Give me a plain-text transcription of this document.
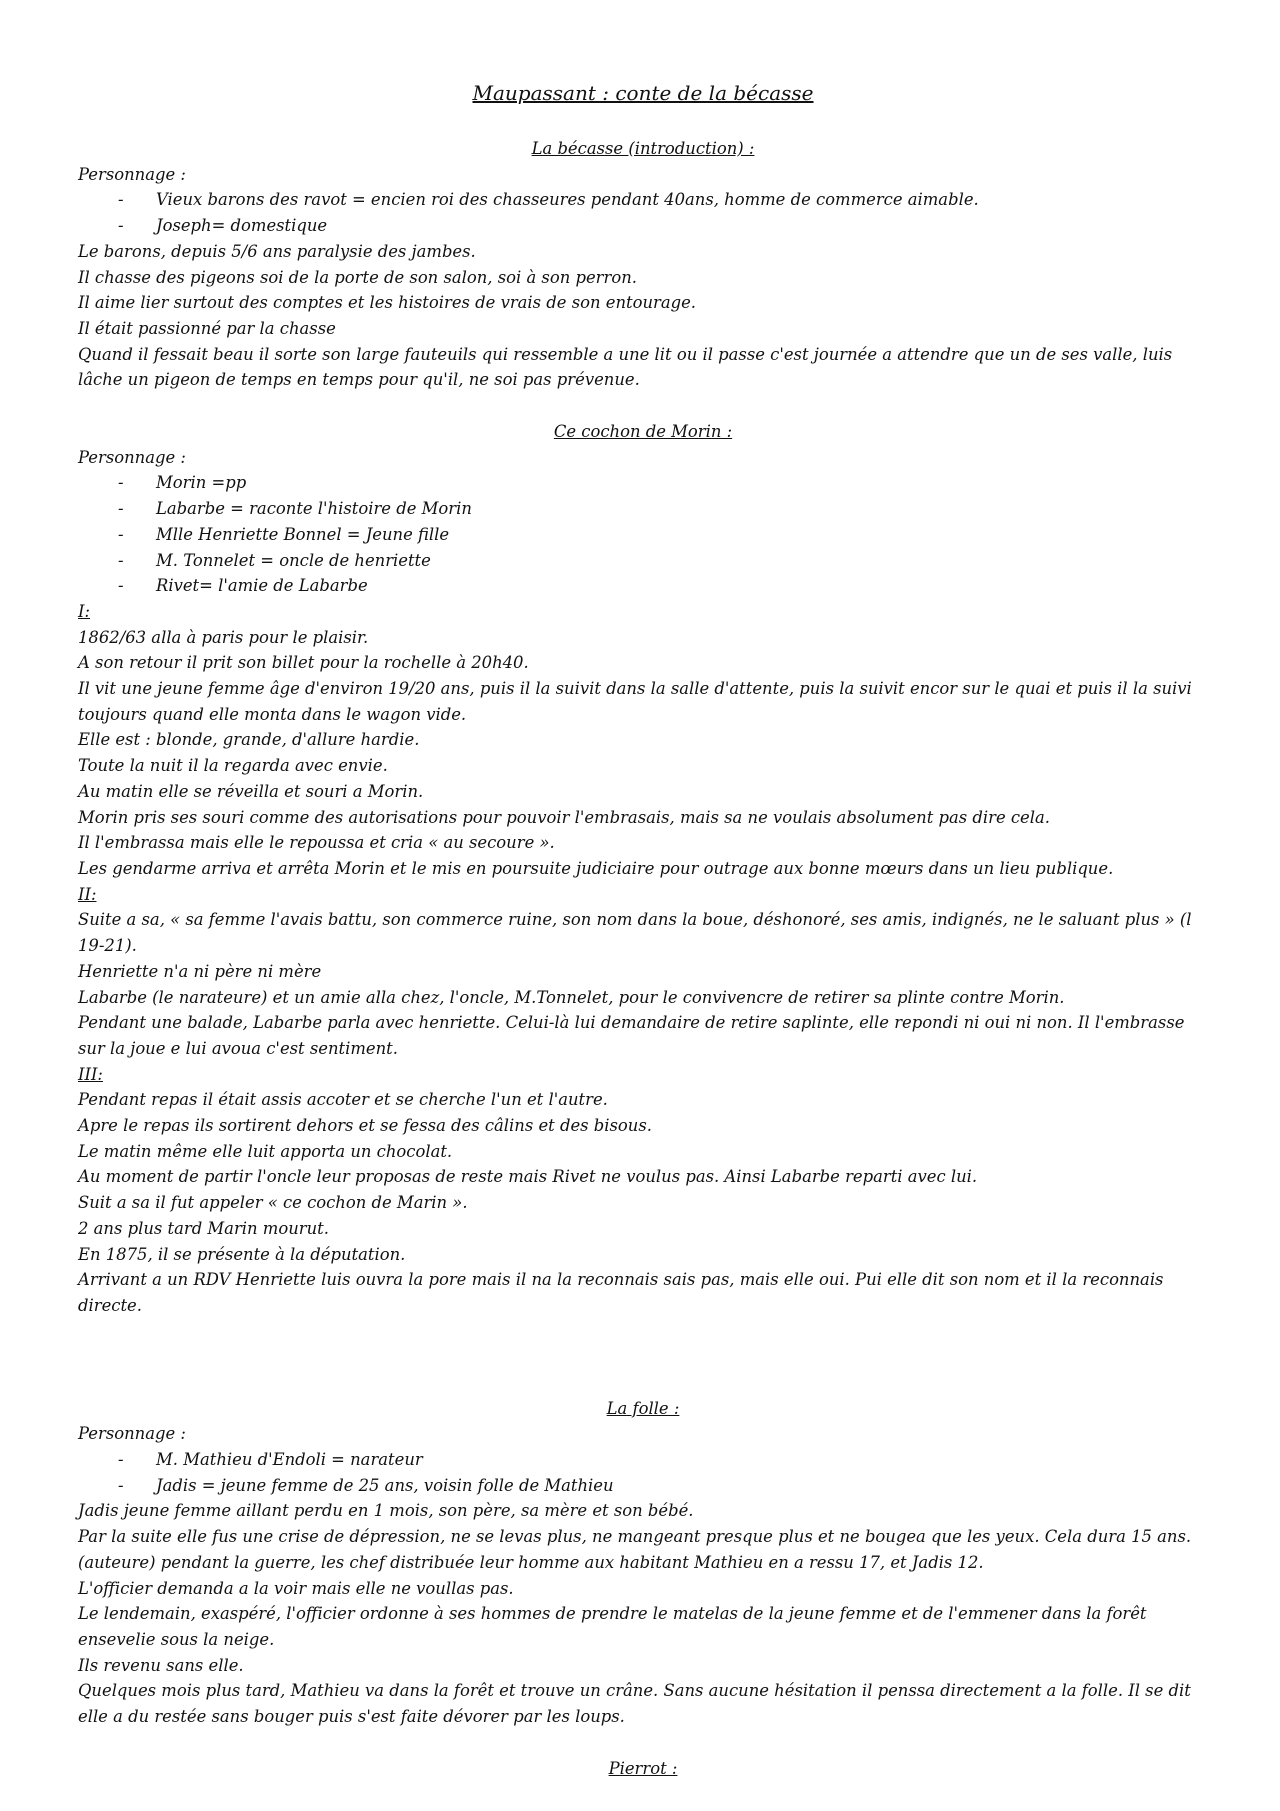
Maupassant : conte de la bécasse

La bécasse (introduction) :

Personnage :

- Vieux barons des ravot = encien roi des chasseures pendant 40ans, homme de commerce aimable.
- Joseph= domestique

Le barons, depuis 5/6 ans paralysie des jambes.

Il chasse des pigeons soi de la porte de son salon, soi à son perron.

Il aime lier surtout des comptes et les histoires de vrais de son entourage.

Il était passionné par la chasse

Quand il fessait beau il sorte son large fauteuils qui ressemble a une lit ou il passe c'est journée a attendre que un de ses valle, luis lâche un pigeon de temps en temps pour qu'il, ne soi pas prévenue.

Ce cochon de Morin :

Personnage :

- Morin =pp
- Labarbe = raconte l'histoire de Morin
- Mlle Henriette Bonnel = Jeune fille
- M. Tonnelet = oncle de henriette
- Rivet= l'amie de Labarbe

I:

1862/63 alla à paris pour le plaisir.

A son retour il prit son billet pour la rochelle à 20h40.

Il vit une jeune femme âge d'environ 19/20 ans, puis il la suivit dans la salle d'attente, puis la suivit encor sur le quai et puis il la suivi toujours quand elle monta dans le wagon vide.

Elle est : blonde, grande, d'allure hardie.

Toute la nuit il la regarda avec envie.

Au matin elle se réveilla et souri a Morin.

Morin pris ses souri comme des autorisations pour pouvoir l'embrasais, mais sa ne voulais absolument pas dire cela.

Il l'embrassa mais elle le repoussa et cria « au secoure ».

Les gendarme arriva et arrêta Morin et le mis en poursuite judiciaire pour outrage aux bonne mœurs dans un lieu publique.

II:

Suite a sa, « sa femme l'avais battu, son commerce ruine, son nom dans la boue, déshonoré, ses amis, indignés, ne le saluant plus » (l 19-21).

Henriette n'a ni père ni mère

Labarbe (le narateure) et un amie alla chez, l'oncle, M.Tonnelet, pour le convivencre de retirer sa plinte contre Morin.

Pendant une balade, Labarbe parla avec henriette. Celui-là lui demandaire de retire saplinte, elle repondi ni oui ni non. Il l'embrasse sur la joue e lui avoua c'est sentiment.

III:

Pendant repas il était assis accoter et se cherche l'un et l'autre.

Apre le repas ils sortirent dehors et se fessa des câlins et des bisous.

Le matin même elle luit apporta un chocolat.

Au moment de partir l'oncle leur proposas de reste mais Rivet ne voulus pas. Ainsi Labarbe reparti avec lui.

Suit a sa il fut appeler « ce cochon de Marin ».

2 ans plus tard Marin mourut.

En 1875, il se présente à la députation.

Arrivant a un RDV Henriette luis ouvra la pore mais il na la reconnais sais pas, mais elle oui. Pui elle dit son nom et il la reconnais directe.

La folle :

Personnage :

- M. Mathieu d'Endoli = narateur
- Jadis = jeune femme de 25 ans, voisin folle de Mathieu

Jadis jeune femme aillant perdu en 1 mois, son père, sa mère et son bébé.

Par la suite elle fus une crise de dépression, ne se levas plus, ne mangeant presque plus et ne bougea que les yeux. Cela dura 15 ans.

(auteure) pendant la guerre, les chef distribuée leur homme aux habitant Mathieu en a ressu 17, et Jadis 12.

L'officier demanda a la voir mais elle ne voullas pas.

Le lendemain, exaspéré, l'officier ordonne à ses hommes de prendre le matelas de la jeune femme et de l'emmener dans la forêt ensevelie sous la neige.

Ils revenu sans elle.

Quelques mois plus tard, Mathieu va dans la forêt et trouve un crâne. Sans aucune hésitation il penssa directement a la folle. Il se dit elle a du restée sans bouger puis s'est faite dévorer par les loups.

Pierrot :
